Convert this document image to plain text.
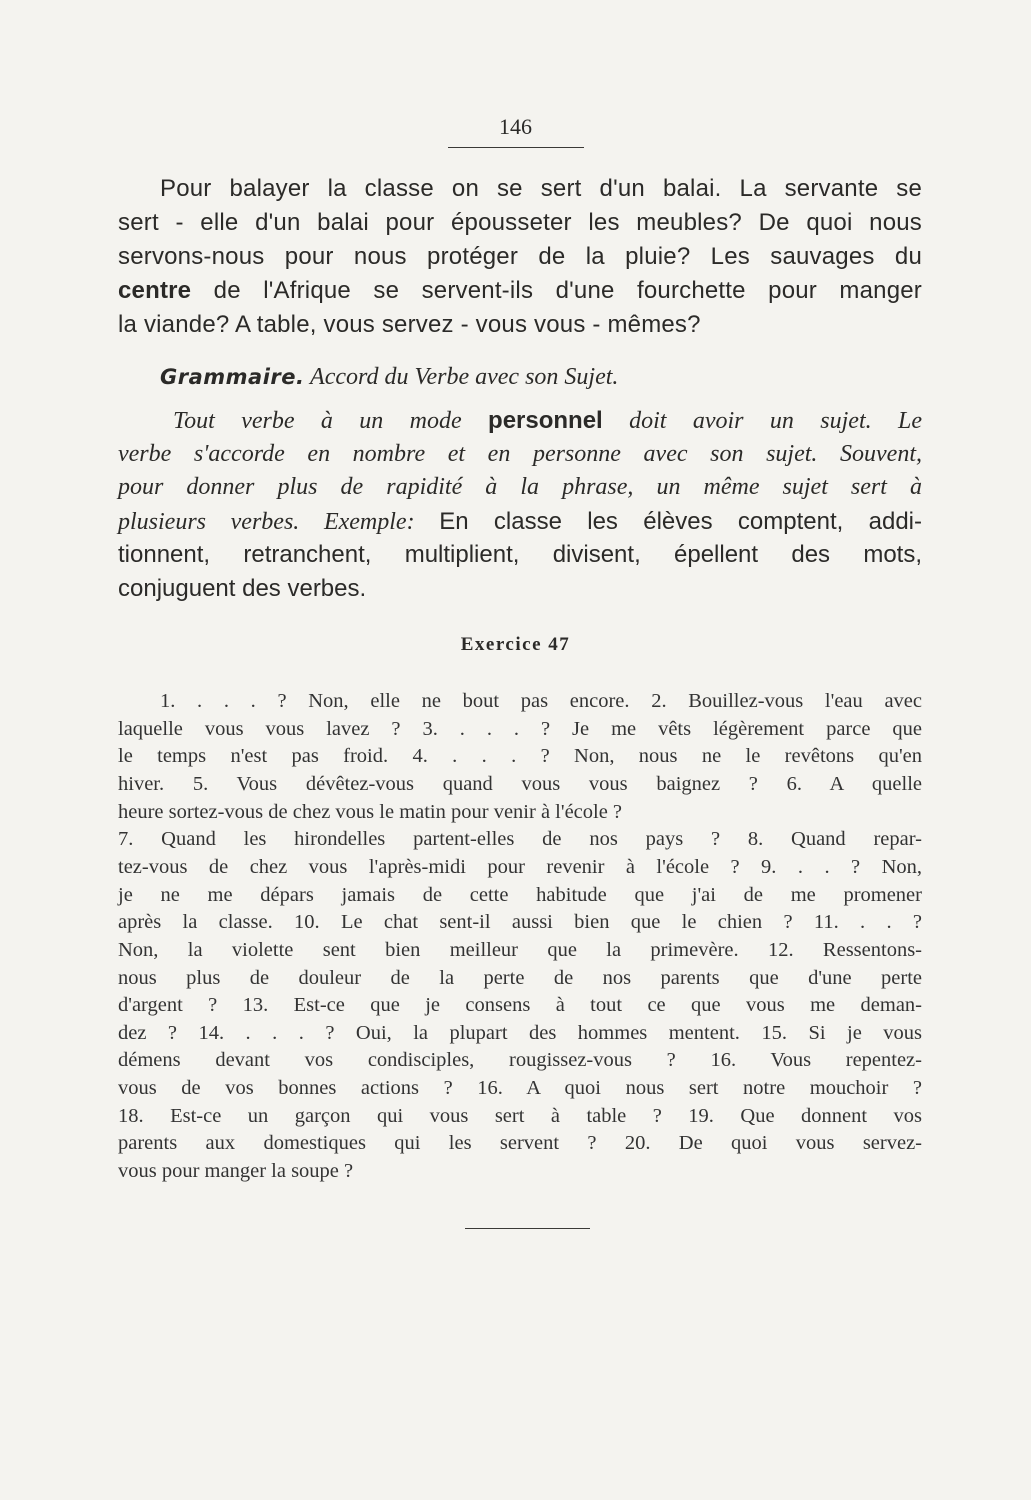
146
Pour balayer la classe on se sert d'un balai. La servante se
sert - elle d'un balai pour épousseter les meubles? De quoi nous
servons-nous pour nous protéger de la pluie? Les sauvages du
centre de l'Afrique se servent-ils d'une fourchette pour manger
la viande? A table, vous servez - vous vous - mêmes?
Grammaire. Accord du Verbe avec son Sujet.
Tout verbe à un mode personnel doit avoir un sujet. Le
verbe s'accorde en nombre et en personne avec son sujet. Souvent,
pour donner plus de rapidité à la phrase, un même sujet sert à
plusieurs verbes. Exemple: En classe les élèves comptent, addi-
tionnent, retranchent, multiplient, divisent, épellent des mots,
conjuguent des verbes.
Exercice 47
1. . . . ? Non, elle ne bout pas encore. 2. Bouillez-vous l'eau avec
laquelle vous vous lavez ? 3. . . . ? Je me vêts légèrement parce que
le temps n'est pas froid. 4. . . . ? Non, nous ne le revêtons qu'en
hiver. 5. Vous dévêtez-vous quand vous vous baignez ? 6. A quelle
heure sortez-vous de chez vous le matin pour venir à l'école ?
7. Quand les hirondelles partent-elles de nos pays ? 8. Quand repar-
tez-vous de chez vous l'après-midi pour revenir à l'école ? 9. . . ? Non,
je ne me dépars jamais de cette habitude que j'ai de me promener
après la classe. 10. Le chat sent-il aussi bien que le chien ? 11. . . ?
Non, la violette sent bien meilleur que la primevère. 12. Ressentons-
nous plus de douleur de la perte de nos parents que d'une perte
d'argent ? 13. Est-ce que je consens à tout ce que vous me deman-
dez ? 14. . . . ? Oui, la plupart des hommes mentent. 15. Si je vous
démens devant vos condisciples, rougissez-vous ? 16. Vous repentez-
vous de vos bonnes actions ? 16. A quoi nous sert notre mouchoir ?
18. Est-ce un garçon qui vous sert à table ? 19. Que donnent vos
parents aux domestiques qui les servent ? 20. De quoi vous servez-
vous pour manger la soupe ?
